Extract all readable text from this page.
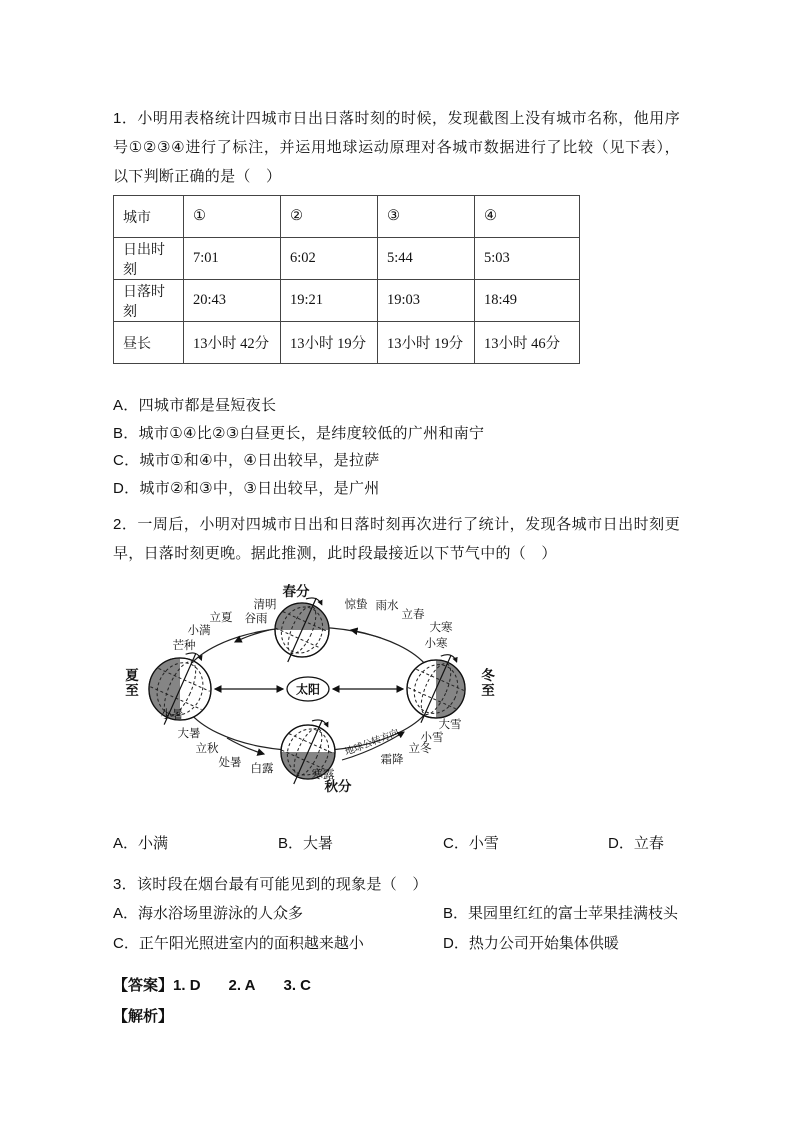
1．小明用表格统计四城市日出日落时刻的时候，发现截图上没有城市名称，他用序号①②③④进行了标注，并运用地球运动原理对各城市数据进行了比较（见下表），以下判断正确的是（　）
城市	①	②	③	④
日出时刻	7:01	6:02	5:44	5:03
日落时刻	20:43	19:21	19:03	18:49
昼长	13小时 42分	13小时 19分	13小时 19分	13小时 46分
A．四城市都是昼短夜长
B．城市①④比②③白昼更长，是纬度较低的广州和南宁
C．城市①和④中，④日出较早，是拉萨
D．城市②和③中，③日出较早，是广州
2．一周后，小明对四城市日出和日落时刻再次进行了统计，发现各城市日出时刻更早，日落时刻更晚。据此推测，此时段最接近以下节气中的（　）
太阳
春分
清明
立夏 谷雨
小满
芒种
夏至
小暑
大暑
立秋
处暑 白露	寒露
秋分
霜降
立冬
小雪
大雪
冬至
小寒
大寒
立春
雨水
惊蛰
地球公转方向
A．小满	B．大暑	C．小雪	D．立春
3．该时段在烟台最有可能见到的现象是（　）
A．海水浴场里游泳的人众多	B．果园里红红的富士苹果挂满枝头
C．正午阳光照进室内的面积越来越小	D．热力公司开始集体供暖
【答案】1. D 2. A 3. C
【解析】
